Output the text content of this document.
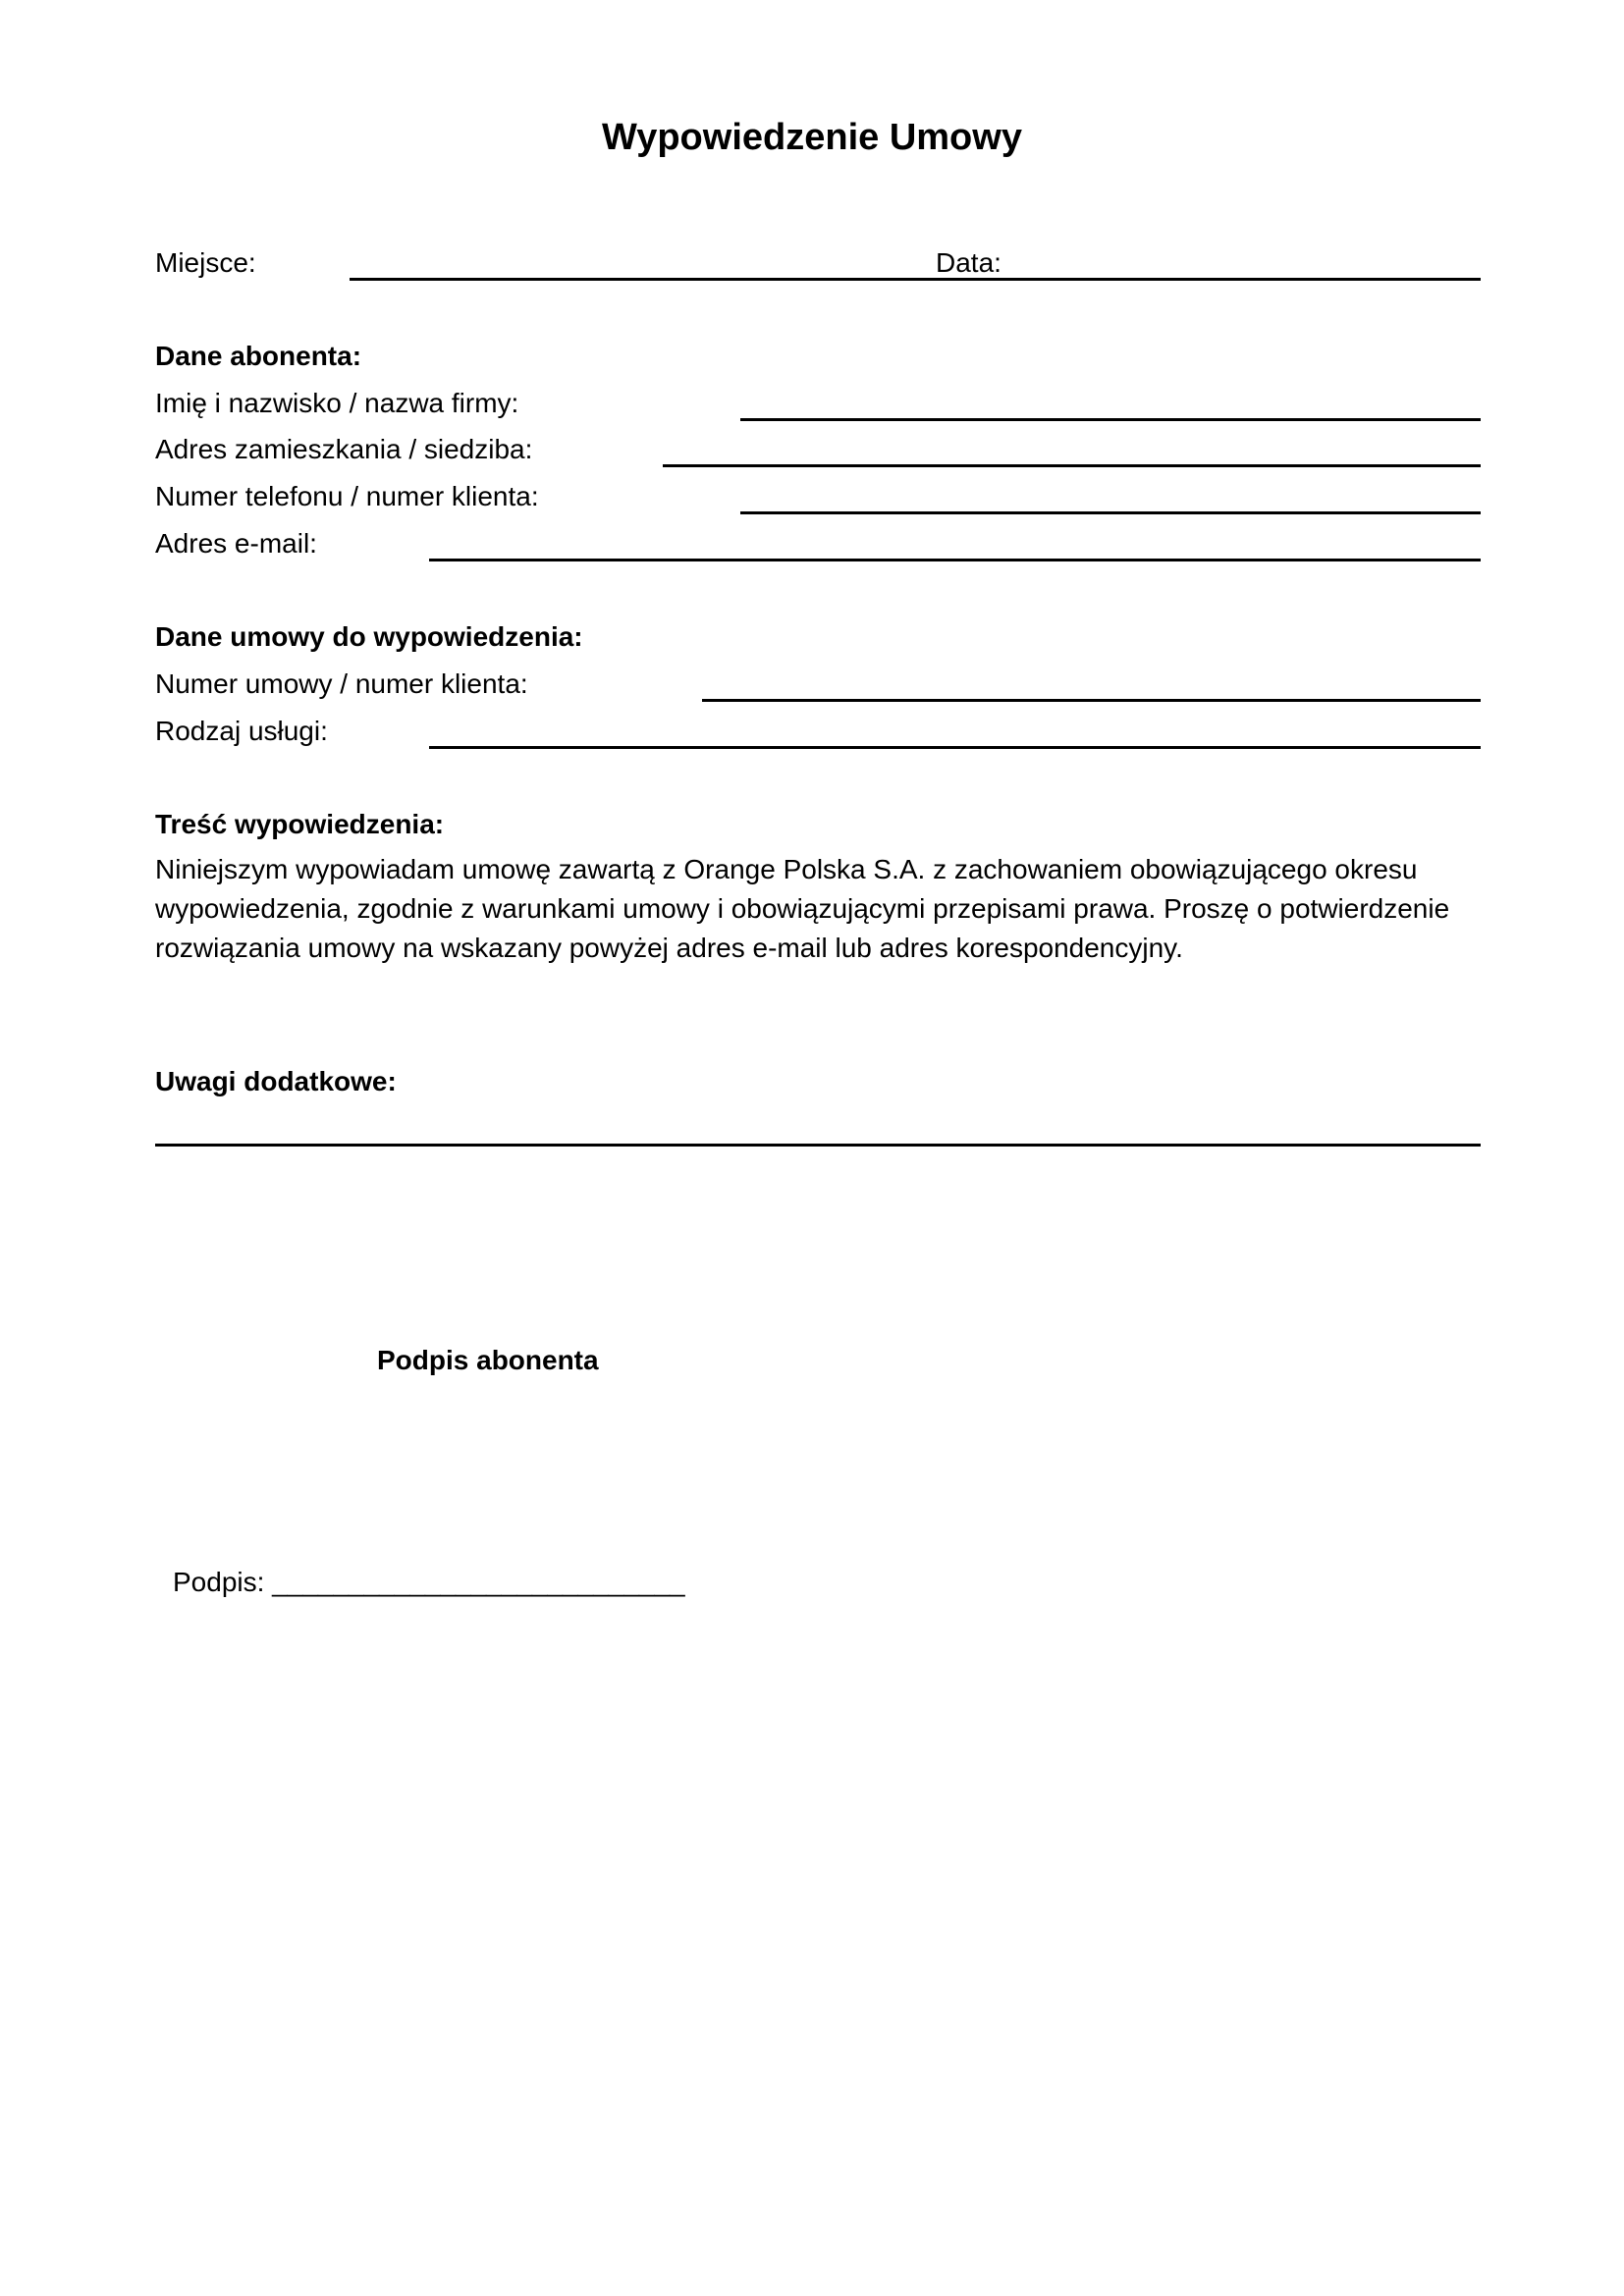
Wypowiedzenie Umowy
Miejsce:	Data:
Dane abonenta:
Imię i nazwisko / nazwa firmy:
Adres zamieszkania / siedziba:
Numer telefonu / numer klienta:
Adres e-mail:
Dane umowy do wypowiedzenia:
Numer umowy / numer klienta:
Rodzaj usługi:
Treść wypowiedzenia:
Niniejszym wypowiadam umowę zawartą z Orange Polska S.A. z zachowaniem obowiązującego okresu wypowiedzenia, zgodnie z warunkami umowy i obowiązującymi przepisami prawa. Proszę o potwierdzenie rozwiązania umowy na wskazany powyżej adres e-mail lub adres korespondencyjny.
Uwagi dodatkowe:
Podpis abonenta
Podpis: ___________________________
